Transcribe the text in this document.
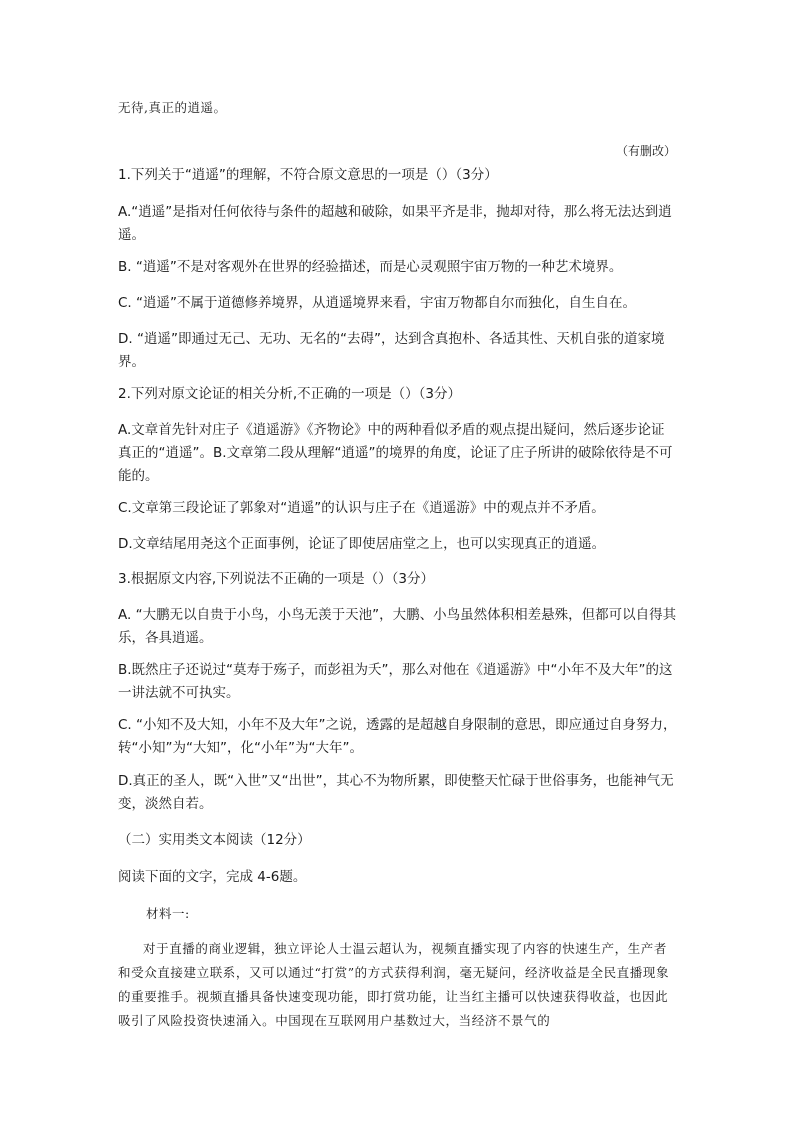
无待,真正的逍遥。

（有删改）

1.下列关于“逍遥”的理解，不符合原文意思的一项是（）（3分）

A.“逍遥”是指对任何依待与条件的超越和破除，如果平齐是非，抛却对待，那么将无法达到逍遥。

B. “逍遥”不是对客观外在世界的经验描述，而是心灵观照宇宙万物的一种艺术境界。

C. “逍遥”不属于道德修养境界，从逍遥境界来看，宇宙万物都自尔而独化，自生自在。

D. “逍遥”即通过无己、无功、无名的“去碍”，达到含真抱朴、各适其性、天机自张的道家境界。

2.下列对原文论证的相关分析,不正确的一项是（）（3分）

A.文章首先针对庄子《逍遥游》《齐物论》中的两种看似矛盾的观点提出疑问，然后逐步论证真正的“逍遥”。B.文章第二段从理解“逍遥”的境界的角度，论证了庄子所讲的破除依待是不可能的。

C.文章第三段论证了郭象对“逍遥”的认识与庄子在《逍遥游》中的观点并不矛盾。

D.文章结尾用尧这个正面事例，论证了即使居庙堂之上，也可以实现真正的逍遥。

3.根据原文内容,下列说法不正确的一项是（）（3分）

A. “大鹏无以自贵于小鸟，小鸟无羡于天池”，大鹏、小鸟虽然体积相差悬殊，但都可以自得其乐，各具逍遥。

B.既然庄子还说过“莫寿于殇子，而彭祖为夭”，那么对他在《逍遥游》中“小年不及大年”的这一讲法就不可执实。

C. “小知不及大知，小年不及大年”之说，透露的是超越自身限制的意思，即应通过自身努力，转“小知”为“大知”，化“小年”为“大年”。

D.真正的圣人，既“入世”又“出世”，其心不为物所累，即使整天忙碌于世俗事务，也能神气无变，淡然自若。

（二）实用类文本阅读（12分）

阅读下面的文字，完成 4-6题。

材料一:

对于直播的商业逻辑，独立评论人士温云超认为，视频直播实现了内容的快速生产，生产者和受众直接建立联系，又可以通过“打赏”的方式获得利润，毫无疑问，经济收益是全民直播现象的重要推手。视频直播具备快速变现功能，即打赏功能，让当红主播可以快速获得收益，也因此吸引了风险投资快速涌入。中国现在互联网用户基数过大，当经济不景气的
